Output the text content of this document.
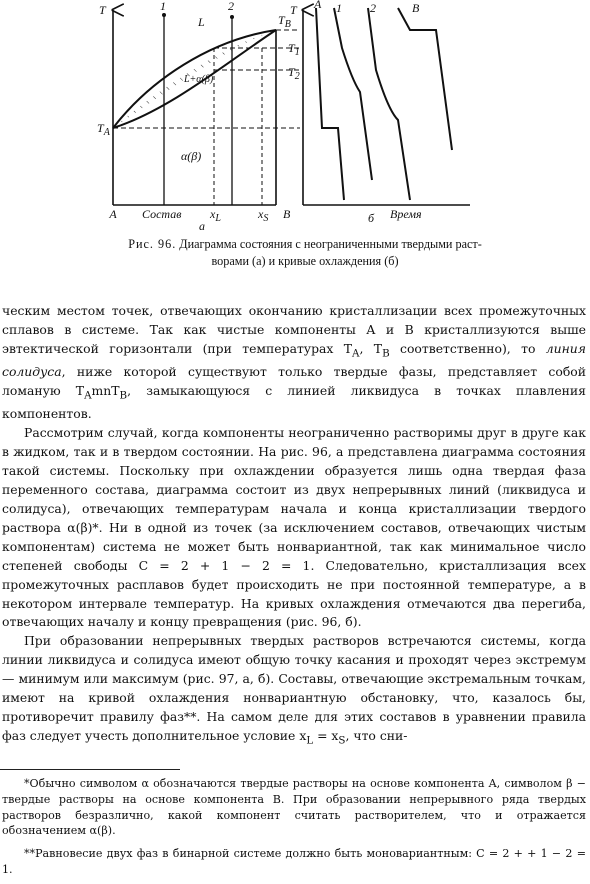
T	1	2
L
L+α(β)
α(β)
$T_A$
$T_B$
A	B
Состав $x_L$	$x_S$
а
T A 1 2	B
$T_1$
$T_2$
Время
б
Рис. 96. Диаграмма состояния с неограниченными твердыми раст-
ворами (а) и кривые охлаждения (б)

ческим местом точек, отвечающих окончанию кристаллизации всех промежуточных сплавов в системе. Так как чистые компоненты A и B кристаллизуются выше эвтектической горизонтали (при температурах $T_A$, $T_B$ соответственно), то линия солидуса, ниже которой существуют только твердые фазы, представляет собой ломаную $T_AmnT_B$, замыкающуюся с линией ликвидуса в точках плавления компонентов.

Рассмотрим случай, когда компоненты неограниченно растворимы друг в друге как в жидком, так и в твердом состоянии. На рис. 96, а представлена диаграмма состояния такой системы. Поскольку при охлаждении образуется лишь одна твердая фаза переменного состава, диаграмма состоит из двух непрерывных линий (ликвидуса и солидуса), отвечающих температурам начала и конца кристаллизации твердого раствора α(β)*. Ни в одной из точек (за исключением составов, отвечающих чистым компонентам) система не может быть нонвариантной, так как минимальное число степеней свободы C = 2 + 1 − 2 = 1. Следовательно, кристаллизация всех промежуточных расплавов будет происходить не при постоянной температуре, а в некотором интервале температур. На кривых охлаждения отмечаются два перегиба, отвечающих началу и концу превращения (рис. 96, б).

При образовании непрерывных твердых растворов встречаются системы, когда линии ликвидуса и солидуса имеют общую точку касания и проходят через экстремум — минимум или максимум (рис. 97, а, б). Составы, отвечающие экстремальным точкам, имеют на кривой охлаждения нонвариантную обстановку, что, казалось бы, противоречит правилу фаз**. На самом деле для этих составов в уравнении правила фаз следует учесть дополнительное условие $x_L = x_S$, что сни-

*Обычно символом α обозначаются твердые растворы на основе компонента A, символом β − твердые растворы на основе компонента B. При образовании непрерывного ряда твердых растворов безразлично, какой компонент считать растворителем, что и отражается обозначением α(β).
**Равновесие двух фаз в бинарной системе должно быть моновариантным: C = 2 + + 1 − 2 = 1.
